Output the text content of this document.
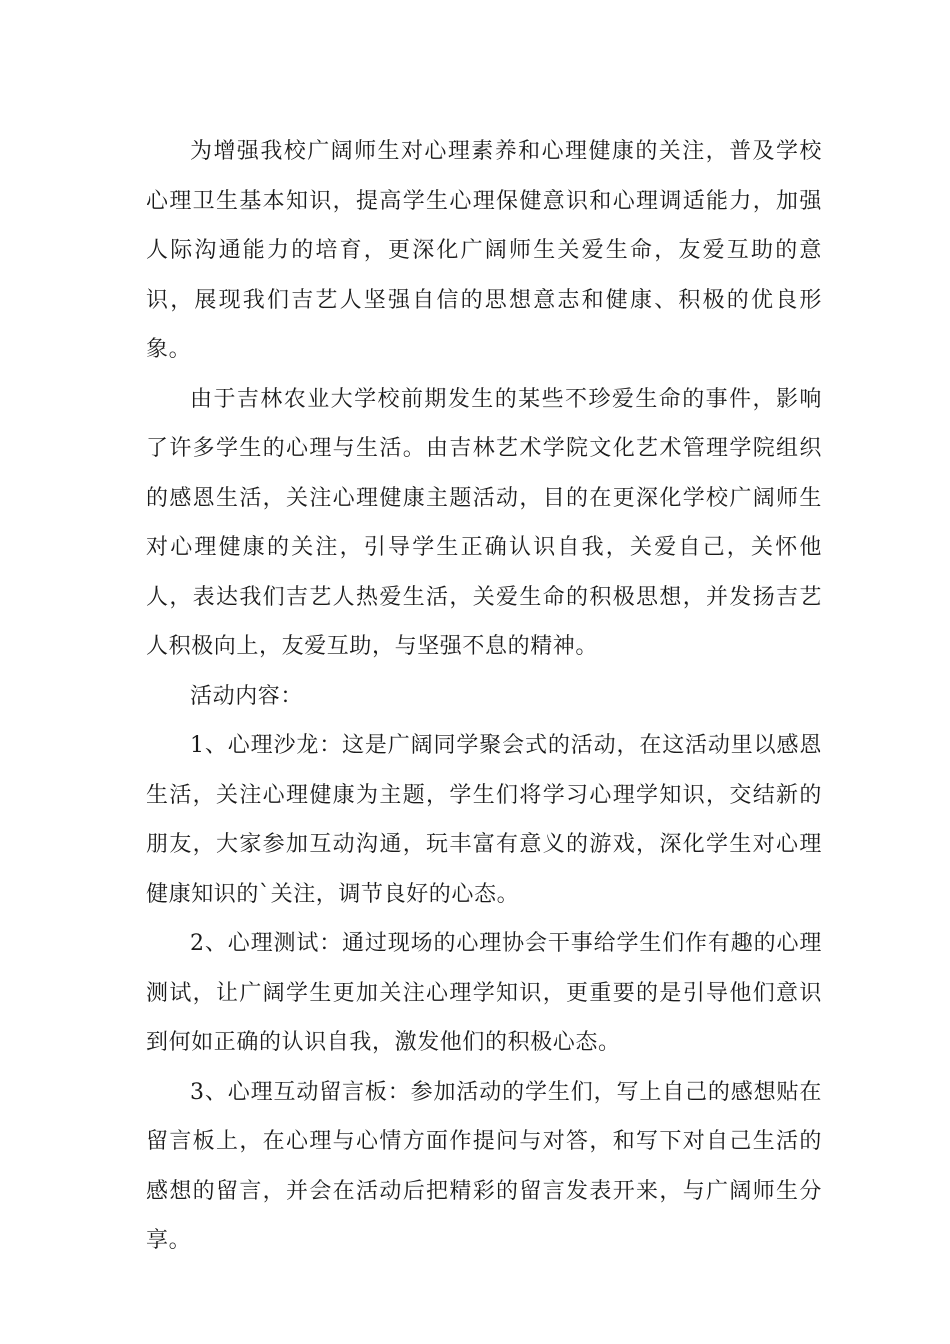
为增强我校广阔师生对心理素养和心理健康的关注，普及学校心理卫生基本知识，提高学生心理保健意识和心理调适能力，加强人际沟通能力的培育，更深化广阔师生关爱生命，友爱互助的意识，展现我们吉艺人坚强自信的思想意志和健康、积极的优良形象。

由于吉林农业大学校前期发生的某些不珍爱生命的事件，影响了许多学生的心理与生活。由吉林艺术学院文化艺术管理学院组织的感恩生活，关注心理健康主题活动，目的在更深化学校广阔师生对心理健康的关注，引导学生正确认识自我，关爱自己，关怀他人，表达我们吉艺人热爱生活，关爱生命的积极思想，并发扬吉艺人积极向上，友爱互助，与坚强不息的精神。

活动内容：

1、心理沙龙：这是广阔同学聚会式的活动，在这活动里以感恩生活，关注心理健康为主题，学生们将学习心理学知识，交结新的朋友，大家参加互动沟通，玩丰富有意义的游戏，深化学生对心理健康知识的`关注，调节良好的心态。

2、心理测试：通过现场的心理协会干事给学生们作有趣的心理测试，让广阔学生更加关注心理学知识，更重要的是引导他们意识到何如正确的认识自我，激发他们的积极心态。

3、心理互动留言板：参加活动的学生们，写上自己的感想贴在留言板上，在心理与心情方面作提问与对答，和写下对自己生活的感想的留言，并会在活动后把精彩的留言发表开来，与广阔师生分享。
